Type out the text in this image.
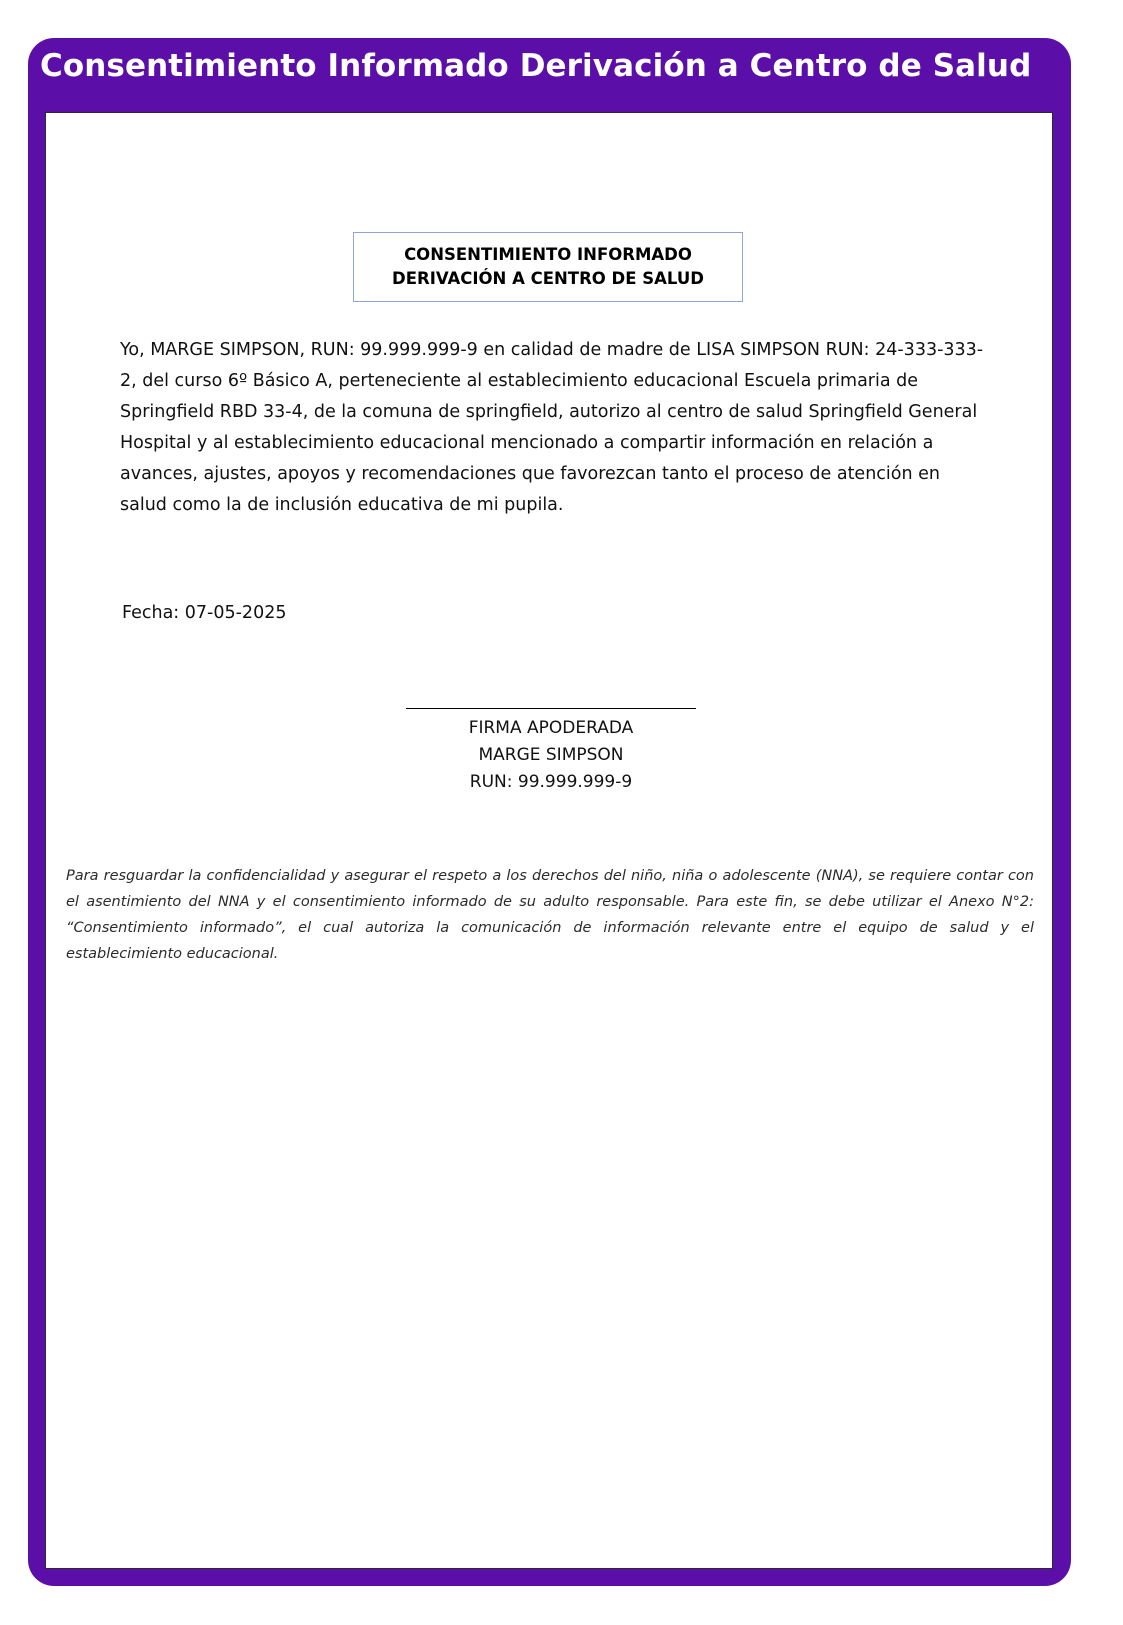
Consentimiento Informado Derivación a Centro de Salud
CONSENTIMIENTO INFORMADO
DERIVACIÓN A CENTRO DE SALUD
Yo, MARGE SIMPSON, RUN: 99.999.999-9 en calidad de madre de LISA SIMPSON RUN: 24-333-333-2, del curso 6º Básico A, perteneciente al establecimiento educacional Escuela primaria de Springfield RBD 33-4, de la comuna de springfield, autorizo al centro de salud Springfield General Hospital y al establecimiento educacional mencionado a compartir información en relación a avances, ajustes, apoyos y recomendaciones que favorezcan tanto el proceso de atención en salud como la de inclusión educativa de mi pupila.
Fecha: 07-05-2025
FIRMA APODERADA
MARGE SIMPSON
RUN: 99.999.999-9
Para resguardar la confidencialidad y asegurar el respeto a los derechos del niño, niña o adolescente (NNA), se requiere contar con el asentimiento del NNA y el consentimiento informado de su adulto responsable. Para este fin, se debe utilizar el Anexo N°2: “Consentimiento informado”, el cual autoriza la comunicación de información relevante entre el equipo de salud y el establecimiento educacional.
